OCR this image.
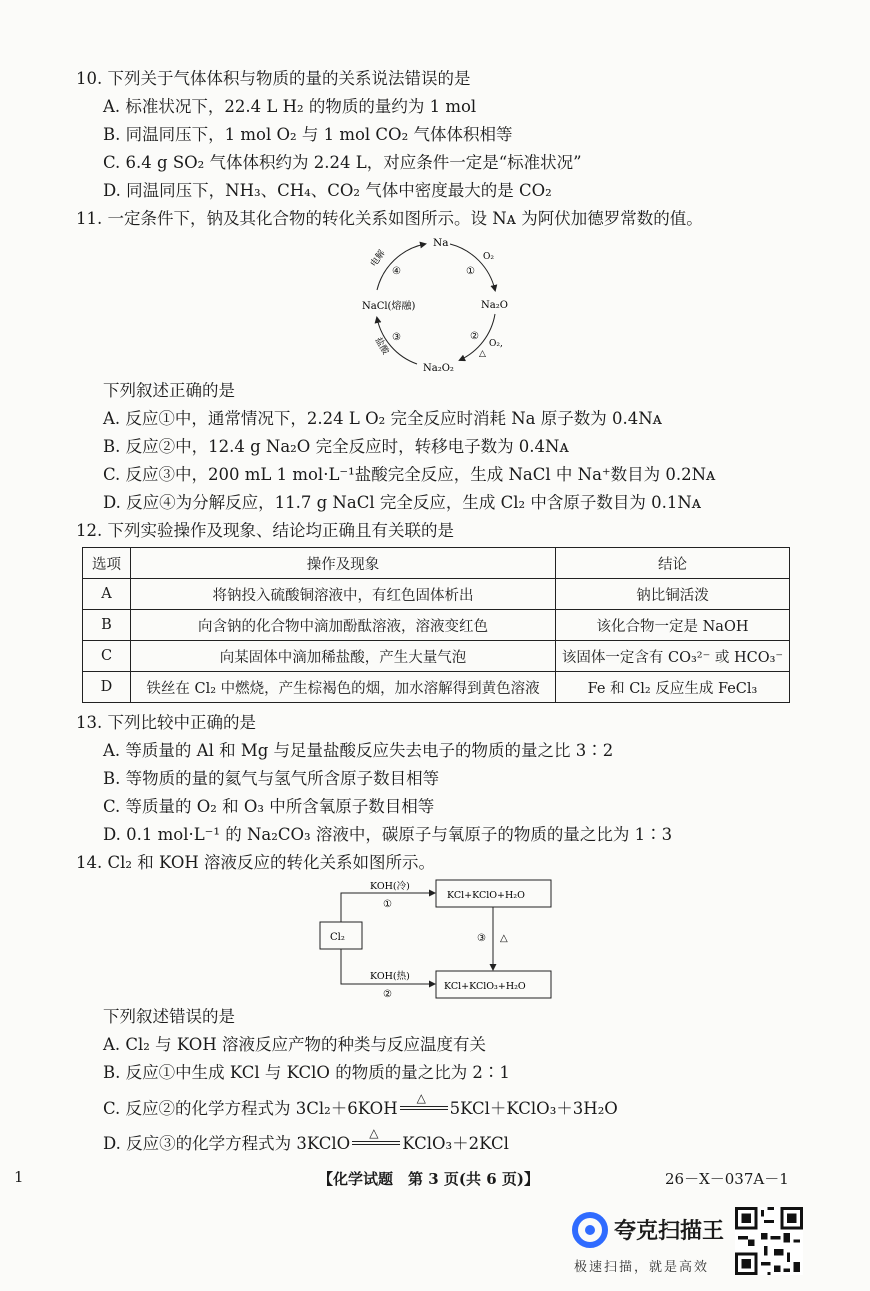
10. 下列关于气体体积与物质的量的关系说法错误的是
A. 标准状况下，22.4 L H₂ 的物质的量约为 1 mol
B. 同温同压下，1 mol O₂ 与 1 mol CO₂ 气体体积相等
C. 6.4 g SO₂ 气体体积约为 2.24 L，对应条件一定是“标准状况”
D. 同温同压下，NH₃、CH₄、CO₂ 气体中密度最大的是 CO₂
11. 一定条件下，钠及其化合物的转化关系如图所示。设 Nᴀ 为阿伏加德罗常数的值。
Na
O₂
①
Na₂O
②
O₂,
△
Na₂O₂
③
盐酸
NaCl(熔融)
④
电解
下列叙述正确的是
A. 反应①中，通常情况下，2.24 L O₂ 完全反应时消耗 Na 原子数为 0.4Nᴀ
B. 反应②中，12.4 g Na₂O 完全反应时，转移电子数为 0.4Nᴀ
C. 反应③中，200 mL 1 mol·L⁻¹盐酸完全反应，生成 NaCl 中 Na⁺数目为 0.2Nᴀ
D. 反应④为分解反应，11.7 g NaCl 完全反应，生成 Cl₂ 中含原子数目为 0.1Nᴀ
12. 下列实验操作及现象、结论均正确且有关联的是
选项	操作及现象	结论
A	将钠投入硫酸铜溶液中，有红色固体析出	钠比铜活泼
B	向含钠的化合物中滴加酚酞溶液，溶液变红色	该化合物一定是 NaOH
C	向某固体中滴加稀盐酸，产生大量气泡	该固体一定含有 CO₃²⁻ 或 HCO₃⁻
D	铁丝在 Cl₂ 中燃烧，产生棕褐色的烟，加水溶解得到黄色溶液	Fe 和 Cl₂ 反应生成 FeCl₃
13. 下列比较中正确的是
A. 等质量的 Al 和 Mg 与足量盐酸反应失去电子的物质的量之比 3∶2
B. 等物质的量的氦气与氢气所含原子数目相等
C. 等质量的 O₂ 和 O₃ 中所含氧原子数目相等
D. 0.1 mol·L⁻¹ 的 Na₂CO₃ 溶液中，碳原子与氧原子的物质的量之比为 1∶3
14. Cl₂ 和 KOH 溶液反应的转化关系如图所示。
Cl₂
KCl+KClO+H₂O
KCl+KClO₃+H₂O
KOH(冷)
①
KOH(热)
②
③ △
下列叙述错误的是
A. Cl₂ 与 KOH 溶液反应产物的种类与反应温度有关
B. 反应①中生成 KCl 与 KClO 的物质的量之比为 2∶1
C. 反应②的化学方程式为 3Cl₂＋6KOH
△
5KCl＋KClO₃＋3H₂O
D. 反应③的化学方程式为 3KClO
△
KClO₃＋2KCl
1	【化学试题　第 3 页(共 6 页)】	26－X－037A－1
夸克扫描王
极速扫描，就是高效
